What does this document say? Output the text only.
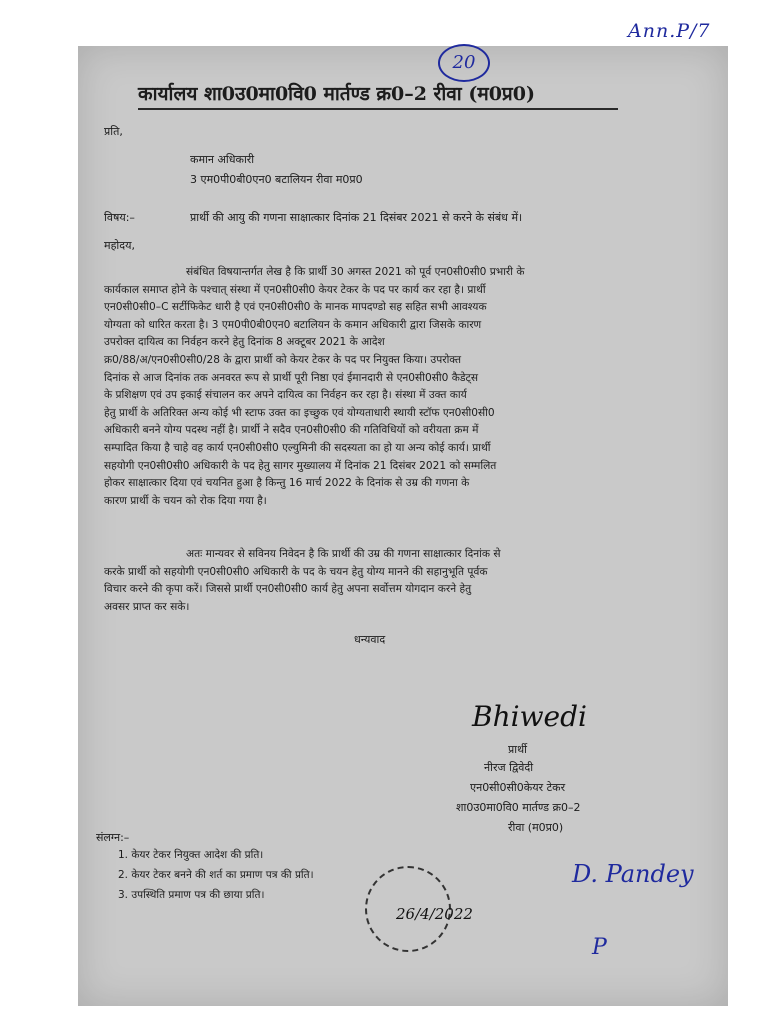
Ann.P/7
20
कार्यालय शा0उ0मा0वि0 मार्तण्ड क्र0–2 रीवा (म0प्र0)
प्रति,
कमान अधिकारी
3 एम0पी0बी0एन0 बटालियन रीवा म0प्र0
विषय:–	प्रार्थी की आयु की गणना साक्षात्कार दिनांक 21 दिसंबर 2021 से करने के संबंध में।
महोदय,
संबंधित विषयान्तर्गत लेख है कि प्रार्थी 30 अगस्त 2021 को पूर्व एन0सी0सी0 प्रभारी के
कार्यकाल समाप्त होने के पश्चात् संस्था में एन0सी0सी0 केयर टेकर के पद पर कार्य कर रहा है। प्रार्थी
एन0सी0सी0–C सर्टीफिकेट धारी है एवं एन0सी0सी0 के मानक मापदण्डो सह सहित सभी आवश्यक
योग्यता को धारित करता है। 3 एम0पी0बी0एन0 बटालियन के कमान अधिकारी द्वारा जिसके कारण
उपरोक्त दायित्व का निर्वहन करने हेतु दिनांक 8 अक्टूबर 2021 के आदेश
क्र0/88/अ/एन0सी0सी0/28 के द्वारा प्रार्थी को केयर टेकर के पद पर नियुक्त किया। उपरोक्त
दिनांक से आज दिनांक तक अनवरत रूप से प्रार्थी पूरी निष्ठा एवं ईमानदारी से एन0सी0सी0 कैडेट्स
के प्रशिक्षण एवं उप इकाई संचालन कर अपने दायित्व का निर्वहन कर रहा है। संस्था में उक्त कार्य
हेतु प्रार्थी के अतिरिक्त अन्य कोई भी स्टाफ उक्त का इच्छुक एवं योग्यताधारी स्थायी स्टॉफ एन0सी0सी0
अधिकारी बनने योग्य पदस्थ नहीं है। प्रार्थी ने सदैव एन0सी0सी0 की गतिविधियों को वरीयता क्रम में
सम्पादित किया है चाहे वह कार्य एन0सी0सी0 एल्युमिनी की सदस्यता का हो या अन्य कोई कार्य। प्रार्थी
सहयोगी एन0सी0सी0 अधिकारी के पद हेतु सागर मुख्यालय में दिनांक 21 दिसंबर 2021 को सम्मलित
होकर साक्षात्कार दिया एवं चयनित हुआ है किन्तु 16 मार्च 2022 के दिनांक से उम्र की गणना के
कारण प्रार्थी के चयन को रोक दिया गया है।
अतः मान्यवर से सविनय निवेदन है कि प्रार्थी की उम्र की गणना साक्षात्कार दिनांक से
करके प्रार्थी को सहयोगी एन0सी0सी0 अधिकारी के पद के चयन हेतु योग्य मानने की सहानुभूति पूर्वक
विचार करने की कृपा करें। जिससे प्रार्थी एन0सी0सी0 कार्य हेतु अपना सर्वोत्तम योगदान करने हेतु
अवसर प्राप्त कर सके।
धन्यवाद
Bhiwedi
प्रार्थी
नीरज द्विवेदी
एन0सी0सी0केयर टेकर
शा0उ0मा0वि0 मार्तण्ड क्र0–2
रीवा (म0प्र0)
संलग्न:–
1. केयर टेकर नियुक्त आदेश की प्रति।
2. केयर टेकर बनने की शर्त का प्रमाण पत्र की प्रति।
3. उपस्थिति प्रमाण पत्र की छाया प्रति।
26/4/2022
D. Pandey
P
